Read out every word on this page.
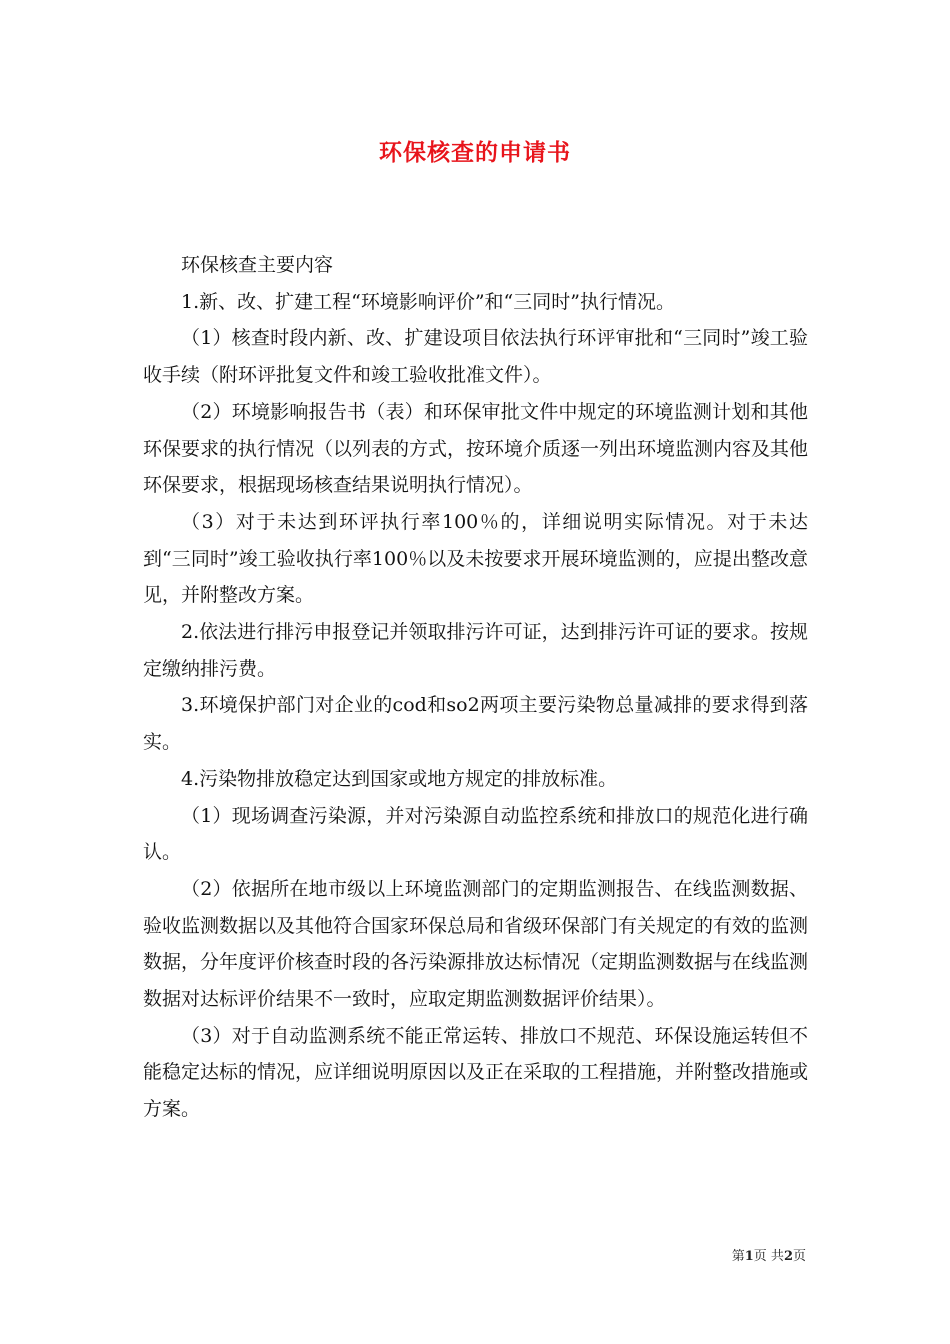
环保核查的申请书

环保核查主要内容

1.新、改、扩建工程“环境影响评价”和“三同时”执行情况。

（1）核查时段内新、改、扩建设项目依法执行环评审批和“三同时”竣工验收手续（附环评批复文件和竣工验收批准文件）。

（2）环境影响报告书（表）和环保审批文件中规定的环境监测计划和其他环保要求的执行情况（以列表的方式，按环境介质逐一列出环境监测内容及其他环保要求，根据现场核查结果说明执行情况）。

（3）对于未达到环评执行率100％的，详细说明实际情况。对于未达到“三同时”竣工验收执行率100％以及未按要求开展环境监测的，应提出整改意见，并附整改方案。

2.依法进行排污申报登记并领取排污许可证，达到排污许可证的要求。按规定缴纳排污费。

3.环境保护部门对企业的cod和so2两项主要污染物总量减排的要求得到落实。

4.污染物排放稳定达到国家或地方规定的排放标准。

（1）现场调查污染源，并对污染源自动监控系统和排放口的规范化进行确认。

（2）依据所在地市级以上环境监测部门的定期监测报告、在线监测数据、验收监测数据以及其他符合国家环保总局和省级环保部门有关规定的有效的监测数据，分年度评价核查时段的各污染源排放达标情况（定期监测数据与在线监测数据对达标评价结果不一致时，应取定期监测数据评价结果）。

（3）对于自动监测系统不能正常运转、排放口不规范、环保设施运转但不能稳定达标的情况，应详细说明原因以及正在采取的工程措施，并附整改措施或方案。

第1页 共2页
